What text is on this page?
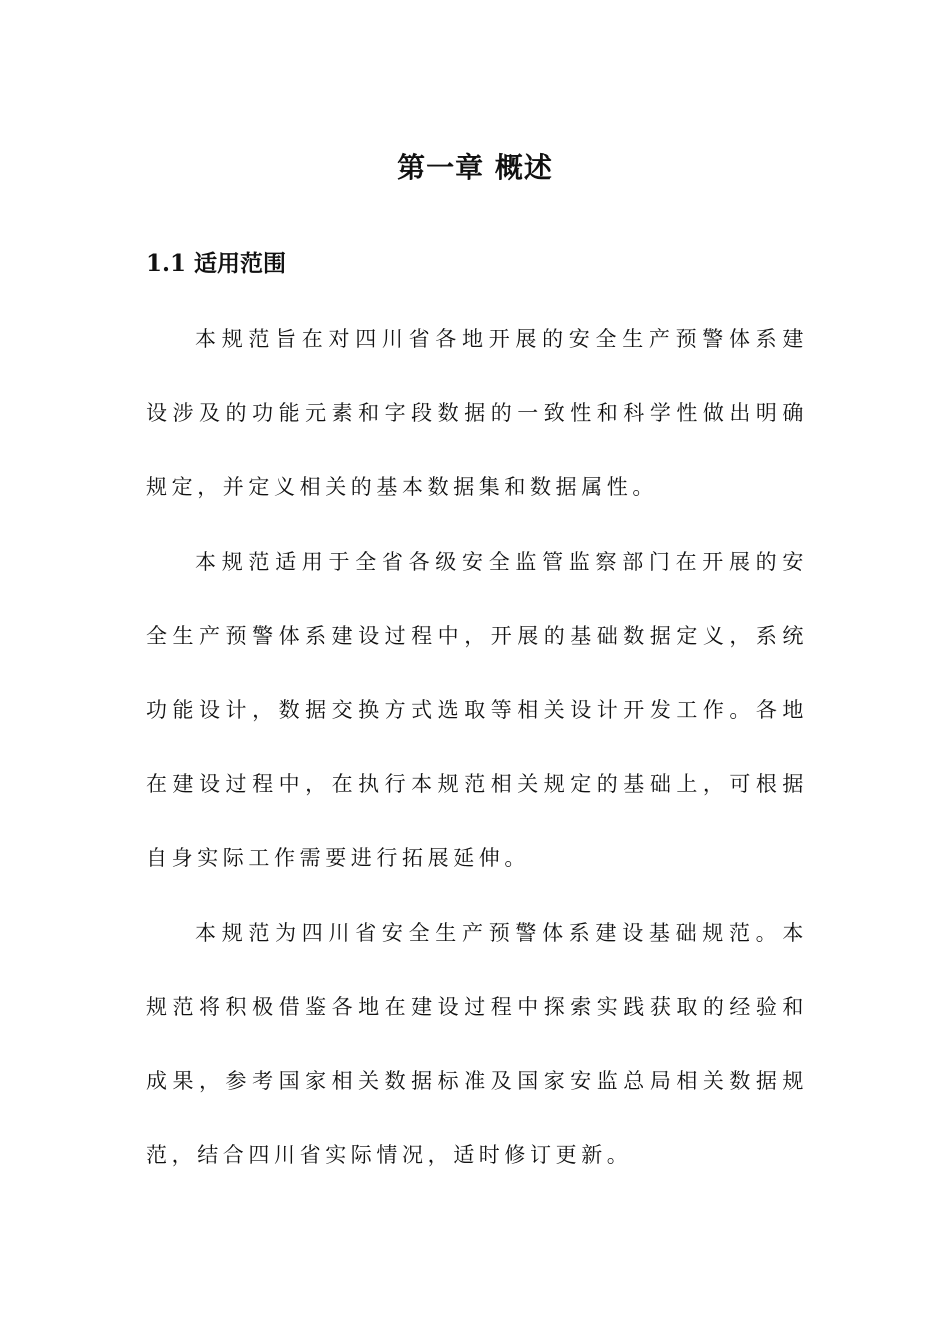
第一章 概述
1.1 适用范围

本规范旨在对四川省各地开展的安全生产预警体系建设涉及的功能元素和字段数据的一致性和科学性做出明确规定，并定义相关的基本数据集和数据属性。

本规范适用于全省各级安全监管监察部门在开展的安全生产预警体系建设过程中，开展的基础数据定义，系统功能设计，数据交换方式选取等相关设计开发工作。各地在建设过程中，在执行本规范相关规定的基础上，可根据自身实际工作需要进行拓展延伸。

本规范为四川省安全生产预警体系建设基础规范。本规范将积极借鉴各地在建设过程中探索实践获取的经验和成果，参考国家相关数据标准及国家安监总局相关数据规范，结合四川省实际情况，适时修订更新。
